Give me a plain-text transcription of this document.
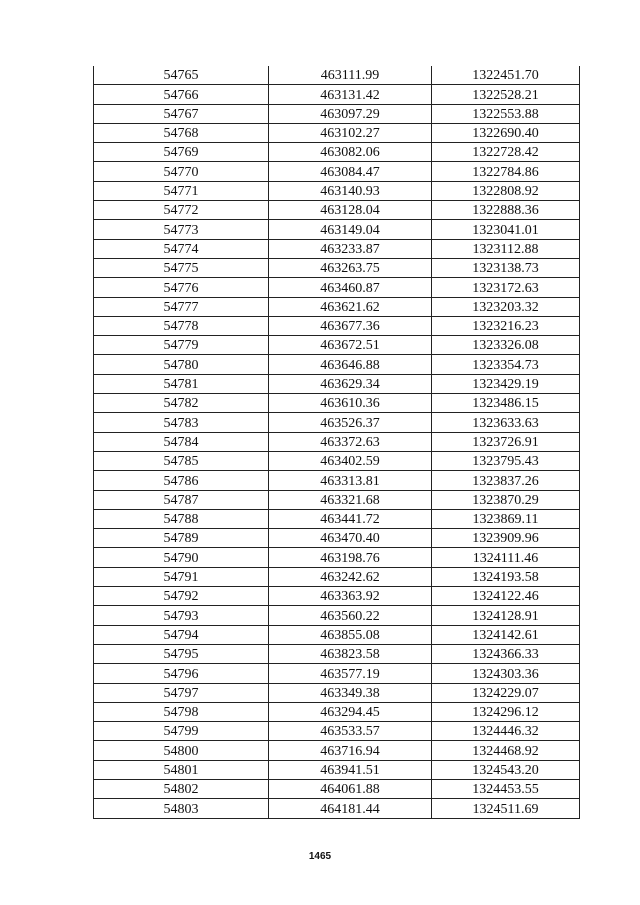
54765	463111.99	1322451.70
54766	463131.42	1322528.21
54767	463097.29	1322553.88
54768	463102.27	1322690.40
54769	463082.06	1322728.42
54770	463084.47	1322784.86
54771	463140.93	1322808.92
54772	463128.04	1322888.36
54773	463149.04	1323041.01
54774	463233.87	1323112.88
54775	463263.75	1323138.73
54776	463460.87	1323172.63
54777	463621.62	1323203.32
54778	463677.36	1323216.23
54779	463672.51	1323326.08
54780	463646.88	1323354.73
54781	463629.34	1323429.19
54782	463610.36	1323486.15
54783	463526.37	1323633.63
54784	463372.63	1323726.91
54785	463402.59	1323795.43
54786	463313.81	1323837.26
54787	463321.68	1323870.29
54788	463441.72	1323869.11
54789	463470.40	1323909.96
54790	463198.76	1324111.46
54791	463242.62	1324193.58
54792	463363.92	1324122.46
54793	463560.22	1324128.91
54794	463855.08	1324142.61
54795	463823.58	1324366.33
54796	463577.19	1324303.36
54797	463349.38	1324229.07
54798	463294.45	1324296.12
54799	463533.57	1324446.32
54800	463716.94	1324468.92
54801	463941.51	1324543.20
54802	464061.88	1324453.55
54803	464181.44	1324511.69
1465
